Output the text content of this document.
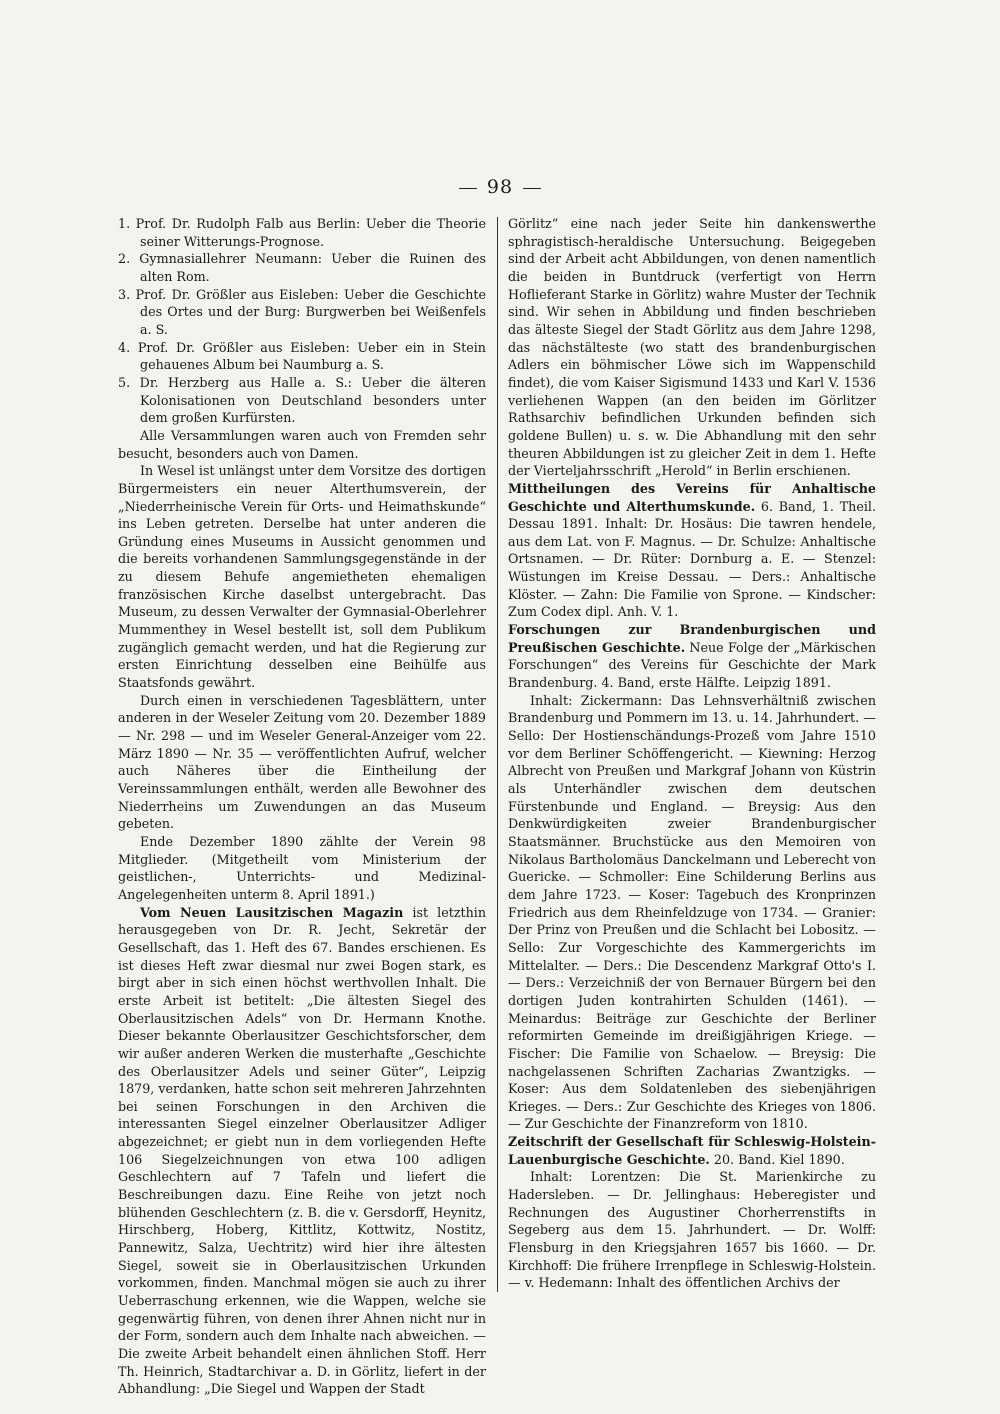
98

1. Prof. Dr. Rudolph Falb aus Berlin: Ueber die Theorie seiner Witterungs-Prognose.

2. Gymnasiallehrer Neumann: Ueber die Ruinen des alten Rom.

3. Prof. Dr. Größler aus Eisleben: Ueber die Geschichte des Ortes und der Burg: Burgwerben bei Weißenfels a. S.

4. Prof. Dr. Größler aus Eisleben: Ueber ein in Stein gehauenes Album bei Naumburg a. S.

5. Dr. Herzberg aus Halle a. S.: Ueber die älteren Kolonisationen von Deutschland besonders unter dem großen Kurfürsten.

Alle Versammlungen waren auch von Fremden sehr besucht, besonders auch von Damen.

In Wesel ist unlängst unter dem Vorsitze des dortigen Bürgermeisters ein neuer Alterthumsverein, der „Niederrheinische Verein für Orts- und Heimathskunde“ ins Leben getreten. Derselbe hat unter anderen die Gründung eines Museums in Aussicht genommen und die bereits vorhandenen Sammlungsgegenstände in der zu diesem Behufe angemietheten ehemaligen französischen Kirche daselbst untergebracht. Das Museum, zu dessen Verwalter der Gymnasial-Oberlehrer Mummenthey in Wesel bestellt ist, soll dem Publikum zugänglich gemacht werden, und hat die Regierung zur ersten Einrichtung desselben eine Beihülfe aus Staatsfonds gewährt.

Durch einen in verschiedenen Tagesblättern, unter anderen in der Weseler Zeitung vom 20. Dezember 1889 — Nr. 298 — und im Weseler General-Anzeiger vom 22. März 1890 — Nr. 35 — veröffentlichten Aufruf, welcher auch Näheres über die Eintheilung der Vereinssammlungen enthält, werden alle Bewohner des Niederrheins um Zuwendungen an das Museum gebeten.

Ende Dezember 1890 zählte der Verein 98 Mitglieder. (Mitgetheilt vom Ministerium der geistlichen-, Unterrichts- und Medizinal-Angelegenheiten unterm 8. April 1891.)

Vom Neuen Lausitzischen Magazin ist letzthin herausgegeben von Dr. R. Jecht, Sekretär der Gesellschaft, das 1. Heft des 67. Bandes erschienen. Es ist dieses Heft zwar diesmal nur zwei Bogen stark, es birgt aber in sich einen höchst werthvollen Inhalt. Die erste Arbeit ist betitelt: „Die ältesten Siegel des Oberlausitzischen Adels“ von Dr. Hermann Knothe. Dieser bekannte Oberlausitzer Geschichtsforscher, dem wir außer anderen Werken die musterhafte „Geschichte des Oberlausitzer Adels und seiner Güter“, Leipzig 1879, verdanken, hatte schon seit mehreren Jahrzehnten bei seinen Forschungen in den Archiven die interessanten Siegel einzelner Oberlausitzer Adliger abgezeichnet; er giebt nun in dem vorliegenden Hefte 106 Siegelzeichnungen von etwa 100 adligen Geschlechtern auf 7 Tafeln und liefert die Beschreibungen dazu. Eine Reihe von jetzt noch blühenden Geschlechtern (z. B. die v. Gersdorff, Heynitz, Hirschberg, Hoberg, Kittlitz, Kottwitz, Nostitz, Pannewitz, Salza, Uechtritz) wird hier ihre ältesten Siegel, soweit sie in Oberlausitzischen Urkunden vorkommen, finden. Manchmal mögen sie auch zu ihrer Ueberraschung erkennen, wie die Wappen, welche sie gegenwärtig führen, von denen ihrer Ahnen nicht nur in der Form, sondern auch dem Inhalte nach abweichen. — Die zweite Arbeit behandelt einen ähnlichen Stoff. Herr Th. Heinrich, Stadtarchivar a. D. in Görlitz, liefert in der Abhandlung: „Die Siegel und Wappen der Stadt

Görlitz“ eine nach jeder Seite hin dankenswerthe sphragistisch-heraldische Untersuchung. Beigegeben sind der Arbeit acht Abbildungen, von denen namentlich die beiden in Buntdruck (verfertigt von Herrn Hoflieferant Starke in Görlitz) wahre Muster der Technik sind. Wir sehen in Abbildung und finden beschrieben das älteste Siegel der Stadt Görlitz aus dem Jahre 1298, das nächstälteste (wo statt des brandenburgischen Adlers ein böhmischer Löwe sich im Wappenschild findet), die vom Kaiser Sigismund 1433 und Karl V. 1536 verliehenen Wappen (an den beiden im Görlitzer Rathsarchiv befindlichen Urkunden befinden sich goldene Bullen) u. s. w. Die Abhandlung mit den sehr theuren Abbildungen ist zu gleicher Zeit in dem 1. Hefte der Vierteljahrsschrift „Herold“ in Berlin erschienen.

Mittheilungen des Vereins für Anhaltische Geschichte und Alterthumskunde. 6. Band, 1. Theil. Dessau 1891. Inhalt: Dr. Hosäus: Die tawren hendele, aus dem Lat. von F. Magnus. — Dr. Schulze: Anhaltische Ortsnamen. — Dr. Rüter: Dornburg a. E. — Stenzel: Wüstungen im Kreise Dessau. — Ders.: Anhaltische Klöster. — Zahn: Die Familie von Sprone. — Kindscher: Zum Codex dipl. Anh. V. 1.

Forschungen zur Brandenburgischen und Preußischen Geschichte. Neue Folge der „Märkischen Forschungen“ des Vereins für Geschichte der Mark Brandenburg. 4. Band, erste Hälfte. Leipzig 1891.

Inhalt: Zickermann: Das Lehnsverhältniß zwischen Brandenburg und Pommern im 13. u. 14. Jahrhundert. — Sello: Der Hostienschändungs-Prozeß vom Jahre 1510 vor dem Berliner Schöffengericht. — Kiewning: Herzog Albrecht von Preußen und Markgraf Johann von Küstrin als Unterhändler zwischen dem deutschen Fürstenbunde und England. — Breysig: Aus den Denkwürdigkeiten zweier Brandenburgischer Staatsmänner. Bruchstücke aus den Memoiren von Nikolaus Bartholomäus Danckelmann und Leberecht von Guericke. — Schmoller: Eine Schilderung Berlins aus dem Jahre 1723. — Koser: Tagebuch des Kronprinzen Friedrich aus dem Rheinfeldzuge von 1734. — Granier: Der Prinz von Preußen und die Schlacht bei Lobositz. — Sello: Zur Vorgeschichte des Kammergerichts im Mittelalter. — Ders.: Die Descendenz Markgraf Otto's I. — Ders.: Verzeichniß der von Bernauer Bürgern bei den dortigen Juden kontrahirten Schulden (1461). — Meinardus: Beiträge zur Geschichte der Berliner reformirten Gemeinde im dreißigjährigen Kriege. — Fischer: Die Familie von Schaelow. — Breysig: Die nachgelassenen Schriften Zacharias Zwantzigks. — Koser: Aus dem Soldatenleben des siebenjährigen Krieges. — Ders.: Zur Geschichte des Krieges von 1806. — Zur Geschichte der Finanzreform von 1810.

Zeitschrift der Gesellschaft für Schleswig-Holstein-Lauenburgische Geschichte. 20. Band. Kiel 1890.

Inhalt: Lorentzen: Die St. Marienkirche zu Hadersleben. — Dr. Jellinghaus: Heberegister und Rechnungen des Augustiner Chorherrenstifts in Segeberg aus dem 15. Jahrhundert. — Dr. Wolff: Flensburg in den Kriegsjahren 1657 bis 1660. — Dr. Kirchhoff: Die frühere Irrenpflege in Schleswig-Holstein. — v. Hedemann: Inhalt des öffentlichen Archivs der
